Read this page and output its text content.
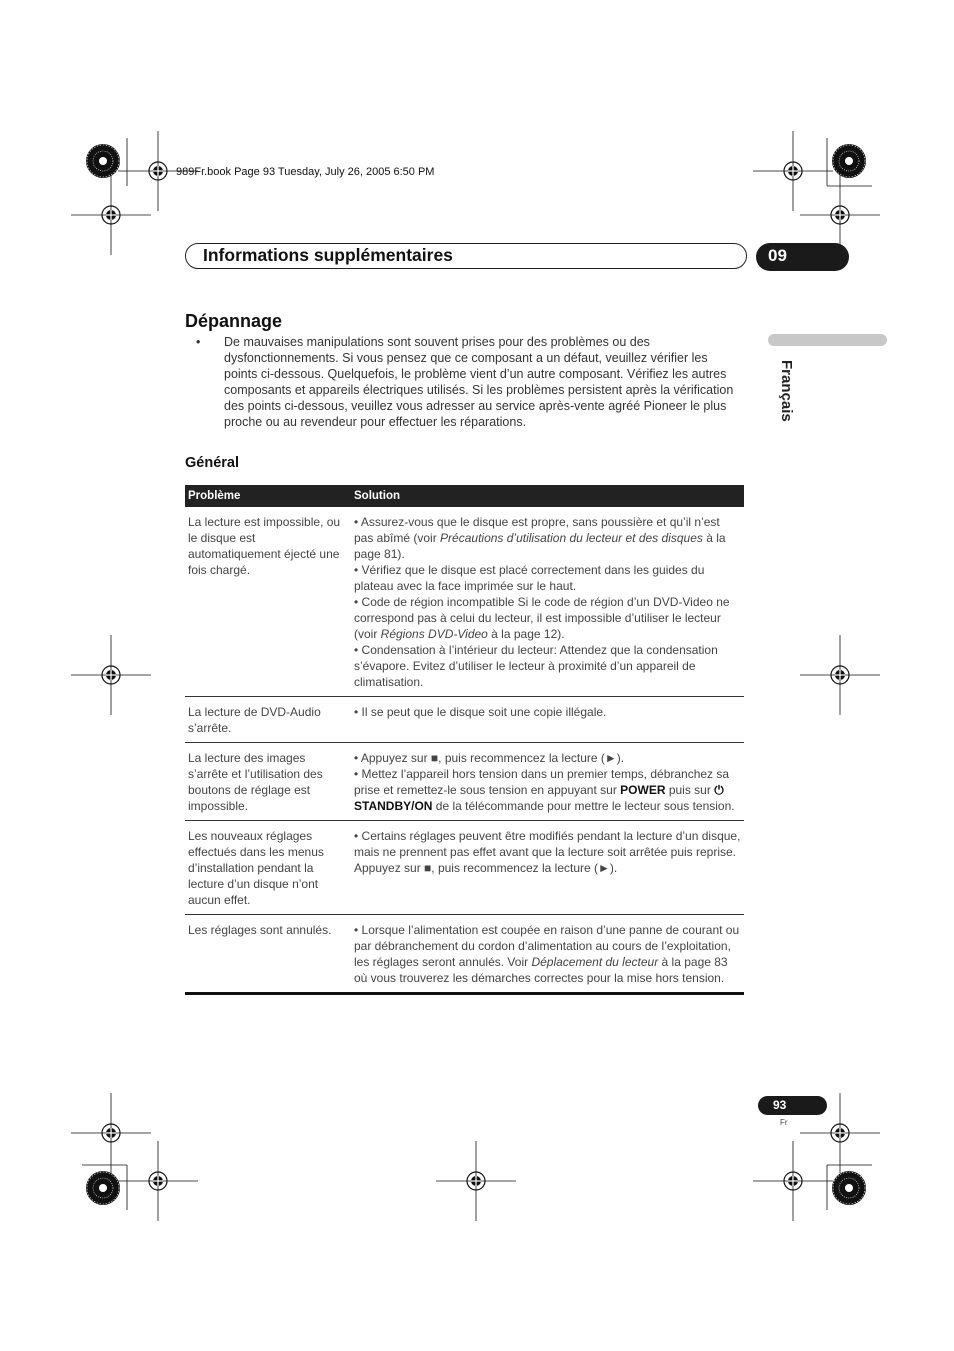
989Fr.book Page 93 Tuesday, July 26, 2005 6:50 PM
Informations supplémentaires	09
Français
Dépannage
• De mauvaises manipulations sont souvent prises pour des problèmes ou des dysfonctionnements. Si vous pensez que ce composant a un défaut, veuillez vérifier les points ci-dessous. Quelquefois, le problème vient d’un autre composant. Vérifiez les autres composants et appareils électriques utilisés. Si les problèmes persistent après la vérification des points ci-dessous, veuillez vous adresser au service après-vente agréé Pioneer le plus proche ou au revendeur pour effectuer les réparations.
Général
Problème	Solution
La lecture est impossible, ou le disque est automatiquement éjecté une fois chargé.	• Assurez-vous que le disque est propre, sans poussière et qu’il n’est pas abîmé (voir Précautions d’utilisation du lecteur et des disques à la page 81).
• Vérifiez que le disque est placé correctement dans les guides du plateau avec la face imprimée sur le haut.
• Code de région incompatible Si le code de région d’un DVD-Video ne correspond pas à celui du lecteur, il est impossible d’utiliser le lecteur (voir Régions DVD-Video à la page 12).
• Condensation à l’intérieur du lecteur: Attendez que la condensation s’évapore. Evitez d’utiliser le lecteur à proximité d’un appareil de climatisation.

La lecture de DVD-Audio s’arrête.	• Il se peut que le disque soit une copie illégale.

La lecture des images s’arrête et l’utilisation des boutons de réglage est impossible.	• Appuyez sur ■, puis recommencez la lecture (►).
• Mettez l’appareil hors tension dans un premier temps, débranchez sa prise et remettez-le sous tension en appuyant sur POWER puis sur ⏻ STANDBY/ON de la télécommande pour mettre le lecteur sous tension.

Les nouveaux réglages effectués dans les menus d’installation pendant la lecture d’un disque n’ont aucun effet.	• Certains réglages peuvent être modifiés pendant la lecture d’un disque, mais ne prennent pas effet avant que la lecture soit arrêtée puis reprise. Appuyez sur ■, puis recommencez la lecture (►).

Les réglages sont annulés.	• Lorsque l’alimentation est coupée en raison d’une panne de courant ou par débranchement du cordon d’alimentation au cours de l’exploitation, les réglages seront annulés. Voir Déplacement du lecteur à la page 83 où vous trouverez les démarches correctes pour la mise hors tension.
93
Fr
